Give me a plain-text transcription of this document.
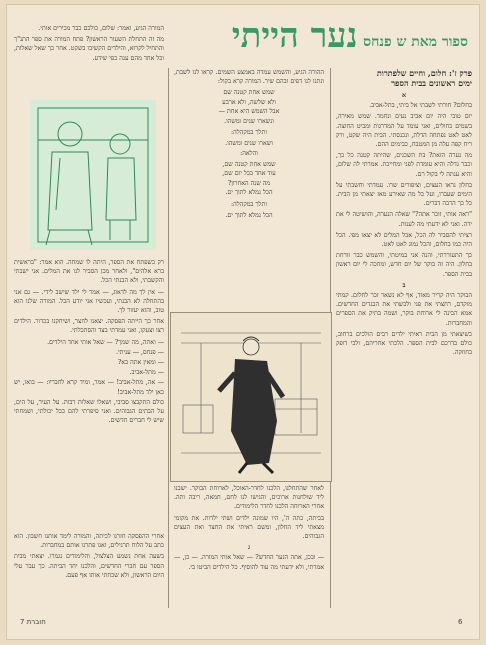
ספור מאת ש פנחס נער הייתי
פרק ז': חלום, וחיים שלפתרות
ימים ראשונים בבית הספר
א

בחלום? חורתי לשבתי אל ביתי, בתל-אביב.

יום טובי היה יום אביב נעים ונחמד. שמש מאירה, בשמים כחולים, ואני עומד על המדרגות ומביט החוצה. לאט לאט נפתחה הדלת, ונכנסתי. הבית היה שקט, ורק ריח קפה עלה מן המטבח, כבימים ההם.

מה נערה הזאת? בת השכנים, שהיתה קטנה כל כך, וכבר גדלה והיא עומדת לפני ומחייכת. אמרתי לה שלום, והיא ענתה לי בקול רם.

בחלון נראו העצים, וציפורים שרו. עמדתי וחשבתי על הימים שעברו, ועל כל מה שאירע מאז יצאתי מן הבית. כל כך הרבה דברים.

"ראה אותי, זוכר אתה?" שאלה הנערה, והושיטה לי את ידה. ואני לא ידעתי מה לענות.

רציתי להסביר לה הכל, אבל המלים לא יצאו מפי. הכל היה כמו בחלום, והכל נמוג לאט לאט.

כך התעוררתי, והנה אני במיטתי, והשמש כבר זורחת בחלון. היה זה בוקר של יום חדש, ומחכה לי יום ראשון בבית הספר.

ב

הבוקר היה קריר מאוד, אף לא נשאר זכר לחלום. קמתי מוקדם, רחצתי את פני ולבשתי את הבגדים החדשים. אמא הכינה לי ארוחת בוקר, ושמה בתיק את הספרים והמחברות.

כשיצאתי מן הבית ראיתי ילדים רבים הולכים ברחוב, כולם בדרכם לבית הספר. הלכתי אחריהם, ולבי דופק בחוזקה.

ההורה הגיע, והשמש עמדה באמצע השמים. קראו לנו לשבת, ונתנו לנו דפים ובהם שיר. המורה קרא בקול:

שמש אחת קטנה שם
ולא שלשה, ולא ארבע
אבל השמש היא אחת —
ונשארו שנים ומשהו.
ותלך במקהלה:
ושארו שנים ומשהו.
והלאה:
שמש אחת קטנה שם,
עוד אחד בכל יום שם,
מה שנה האחרון?
הכל נמלא לתוך ים.
ותלך במקהלה:
הכל נמלא לתוך ים.

לאחר שהתחלנו, הלכנו לחדר-האוכל, לארוחת הבוקר. ישבנו ליד שולחנות ארוכים, והגישו לנו לחם, חמאה, ריבה ותה. אחרי הארוחה הלכנו לחדר הלימודים.

בכיתה, כתה ה', היו שמונה ילדים ושתי ילדות. את מקומי מצאתי ליד החלון, ומשם ראיתי את החצר ואת העצים הגבוהים.

ג

— ובכן, אתה הנער החדש? — שאל אותי המורה. — כן, — אמרתי, ולא ידעתי מה עוד להוסיף. כל הילדים הביטו בי.

המורה הגיע, ואמר: שלום, כולכם כבר מכירים אותי.

מה זה התחלת השעור הראשון? פתח המורה את ספר התנ"ך והתחיל לקרוא, והילדים הקשיבו בשקט. אחר כך שאל שאלות, וכל אחד מהם ענה כפי שידע.

רק כשפתח את הספר, היתה לו שמחה. הוא אמר: "בראשית ברא אלהים", ולאחר מכן הסביר לנו את המלים. אני ישבתי והקשבתי, ולא הבנתי הכל.

— אין לך מה לדאוג, — אמר לי ילד שישב לידי. — גם אני בהתחלה לא הבנתי, ועכשיו אני יודע הכל. המורה שלנו הוא טוב, והוא יעזור לך.

אחר כך הייתה הפסקה. יצאנו לחצר, ושיחקנו בכדור. הילדים רצו וצעקו, ואני עמדתי בצד והסתכלתי.

— ואתה, מה שמך? — שאל אותי אחד הילדים.

— פנחס, — עניתי.

— ומאין אתה בא?

— מתל-אביב.

— אה, מתל-אביב! — אמר, ומיד קרא לחבריו: — בואו, יש כאן ילד מתל-אביב!

כולם התקבצו סביבי, ושאלו שאלות רבות. על העיר, על הים, על הבתים הגבוהים. ואני סיפרתי להם ככל יכולתי, ושמחתי שיש לי חברים חדשים.

אחרי ההפסקה חזרנו לכיתה, והמורה לימד אותנו חשבון. הוא כתב על הלוח תרגילים, ואנו פתרנו אותם במחברות.

בשעה אחת נשמע הצלצול, והלימודים נגמרו. יצאתי מבית הספר עם חברי החדשים, והלכנו יחד הביתה. כך עבר עלי היום הראשון, ולא שכחתי אותו אף פעם.

חוברת 7	6
